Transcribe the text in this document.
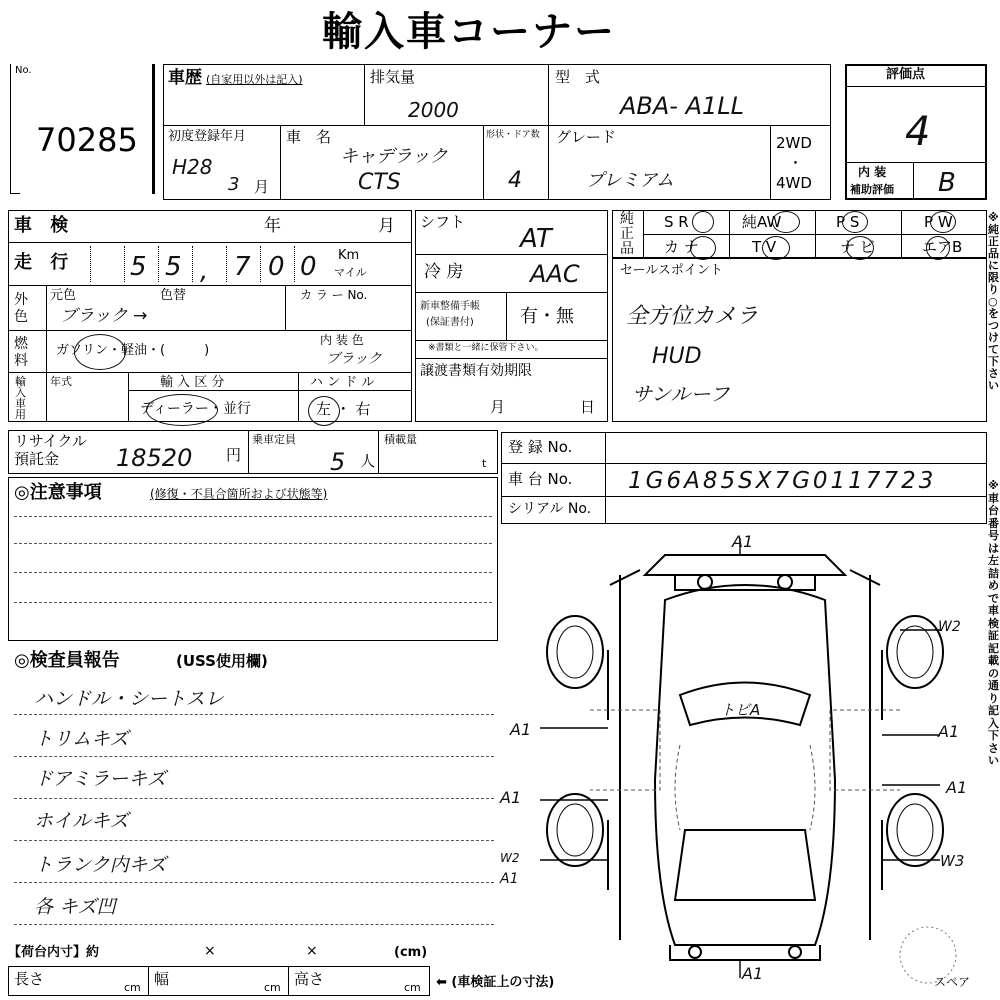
輸入車コーナー
No.
70285
車歴 (自家用以外は記入)	排気量
2000
型　式
ABA- A1LL
初度登録年月
H28
3 月
車　名
キャデラック
CTS
形状・ドア数
4
グレード
プレミアム
2WD
・
4WD
評価点
4
内 装
補助評価 B
車 検	年	月
走 行 5 5 , 7 0 0 Km
マイル
外色
元色	色替	カ ラ ー No.
ブラック →
燃料
ガソリン・軽油・(　　　)
内 装 色
ブラック
輸入車用
年式	輸 入 区 分
ディーラー・並行
ハ ン ド ル
左 ・ 右
シフト
AT
冷 房	AAC
新車整備手帳
(保証書付)	有・無
※書類と一緒に保管下さい。
譲渡書類有効期限
月	日
純正品
S R	純AW	P S	P W
カ ナ	T V	ナ ビ	エアB
セールスポイント
全方位カメラ
HUD
サンルーフ
※純正品に限り○をつけて下さい
※車台番号は左詰めで車検証記載の通り記入下さい
リサイクル
預託金 18520 円
乗車定員
5 人
積載量
t
登 録 No.
車 台 No. 1G6A85SX7G0117723
シリアル No.
◎注意事項	(修復・不具合箇所および状態等)
◎検査員報告	(USS使用欄)
ハンドル・シートスレ
トリムキズ
ドアミラーキズ
ホイルキズ
トランク内キズ
各 キズ凹
A1
W2
A1	A1
A1
A1
A1
W2	W3
A1
トビA
スペア
【荷台内寸】約	×	×	(cm)
長さ	cm 幅	cm 高さ	cm ⬅ (車検証上の寸法)
